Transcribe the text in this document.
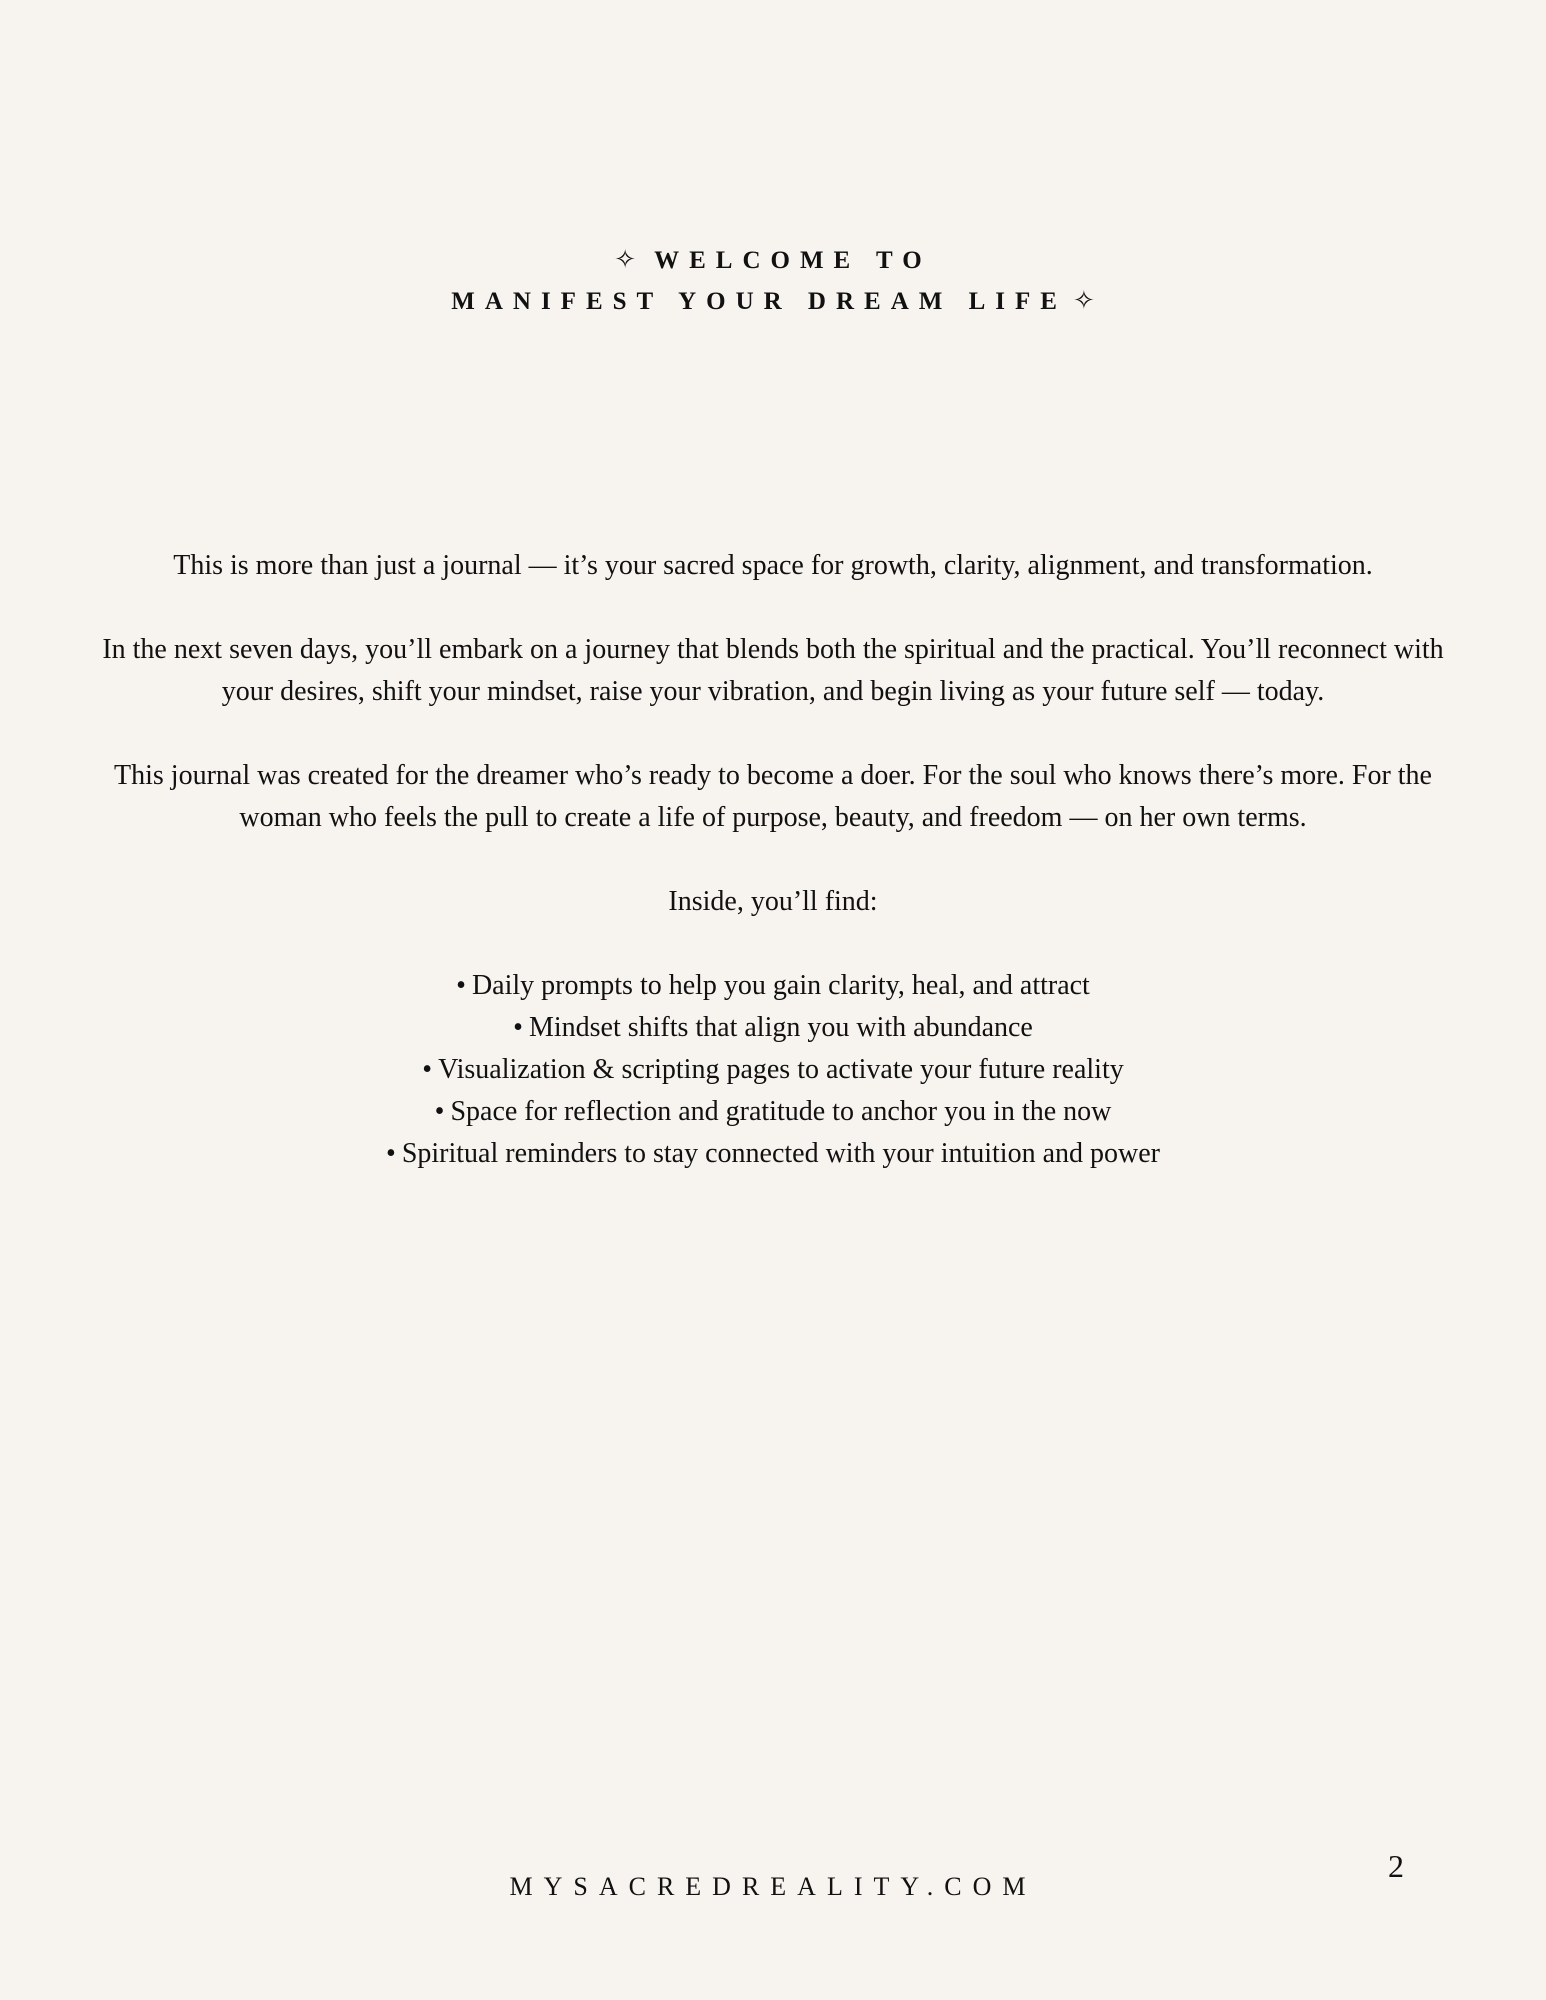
✧ WELCOME TO
MANIFEST YOUR DREAM LIFE ✧

This is more than just a journal — it’s your sacred space for growth, clarity, alignment, and transformation.

In the next seven days, you’ll embark on a journey that blends both the spiritual and the practical. You’ll reconnect with your desires, shift your mindset, raise your vibration, and begin living as your future self — today.

This journal was created for the dreamer who’s ready to become a doer. For the soul who knows there’s more. For the woman who feels the pull to create a life of purpose, beauty, and freedom — on her own terms.

Inside, you’ll find:

• Daily prompts to help you gain clarity, heal, and attract
• Mindset shifts that align you with abundance
• Visualization & scripting pages to activate your future reality
• Space for reflection and gratitude to anchor you in the now
• Spiritual reminders to stay connected with your intuition and power
MYSACREDREALITY.COM
2
